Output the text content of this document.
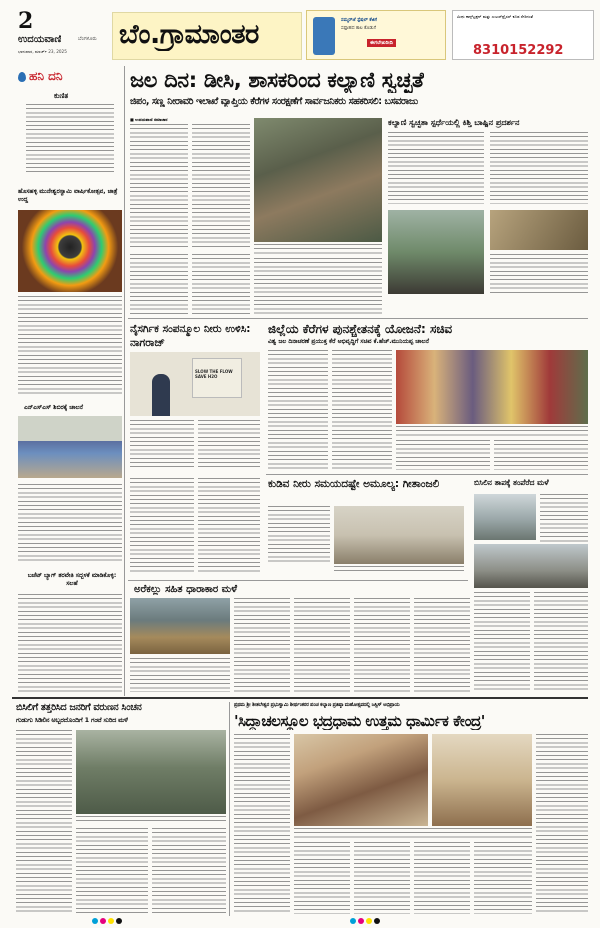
2
ಉದಯವಾಣಿ	ಬೆಂಗಳೂರು
ಭಾನುವಾರ, ಮಾರ್ಚ್ 23, 2025
ಬೆಂ.ಗ್ರಾಮಾಂತರ	ಸಮ್ಮರ್‌ಜೆ ಸ್ಪೆಷಲ್ ಕೆಜಿಗೆ
ಸಪ್ತಾಹದ ಕಾಲ ಕೊಡುಗೆ
ಈಗಲೇಖರೀದಿ
ಮಿಥು ಕಾನ್ಸ್‌ಟ್ರಕ್ಷನ್‌ ಮತ್ತು ಎಂಟರ್‌ಪ್ರೈಸಸ್‌ ಕೂಡ ಸೇರಿದಂತೆ
8310152292
ಹನಿ ದನಿ
ಕುಣಿತ
ಹೊಸಹಳ್ಳಿ ಮುನೇಶ್ವರಸ್ವಾಮಿ ವಾರ್ಷಿಕೋತ್ಸವ, ಜಾತ್ರೆ ಉದ್ದ
ಎನ್‌ಎಸ್‌ಎಸ್ ಶಿಬಿರಕ್ಕೆ ಚಾಲನೆ
ಬಜೆಟ್ ಬ್ಯಾಗ್ ತರವೇತಿ ಸದ್ಬಳಕೆ ಮಾಡಿಕೊಳ್ಳಿ: ಸಲಹೆ
ಜಲ ದಿನ: ಡೀಸಿ, ಶಾಸಕರಿಂದ ಕಲ್ಯಾಣಿ ಸ್ವಚ್ಛತೆ
ಜಿಪಂ, ಸಣ್ಣ ನೀರಾವರಿ ಇಲಾಖೆ ವ್ಯಾಪ್ತಿಯ ಕೆರೆಗಳ ಸಂರಕ್ಷಣೆಗೆ ಸಾರ್ವಜನಿಕರು ಸಹಕರಿಸಲಿ: ಬಸವರಾಜು
■ ಉದಯವಾಣಿ ಸಮಾಚಾರ	ಕಲ್ಯಾಣಿ ಸ್ವಚ್ಛತಾ ಸ್ಪರ್ಧೆಯಲ್ಲಿ ಕಿಶ್ತಿ ಬಾಷ್ಪಿನ ಪ್ರದರ್ಶನ
ನೈಸರ್ಗಿಕ ಸಂಪನ್ಮೂಲ ನೀರು ಉಳಿಸಿ: ನಾಗರಾಜ್
SLOW THE FLOW SAVE H2O
ಜಿಲ್ಲೆಯ ಕೆರೆಗಳ ಪುನಶ್ಚೇತನಕ್ಕೆ ಯೋಜನೆ: ಸಚಿವ
ವಿಶ್ವ ಜಲ ದಿನಾಚರಣೆ ಪ್ರಯುಕ್ತ ಕೆರೆ ಅಭಿವೃದ್ಧಿಗೆ ಸಚಿವ ಕೆ.ಹೆಚ್.ಮುನಿಯಪ್ಪ ಚಾಲನೆ
ಕುಡಿವ ನೀರು ಸಮಯದಷ್ಟೇ ಅಮೂಲ್ಯ: ಗೀತಾಂಜಲಿ	ಬಿಸಿಲಿನ ತಾಪಕ್ಕೆ ತಂಪೆರೆದ ಮಳೆ
ಅರೆಕಲ್ಲು ಸಹಿತ ಧಾರಾಕಾರ ಮಳೆ
ಬಿಸಿಲಿಗೆ ತತ್ತರಿಸಿದ ಜನರಿಗೆ ವರುಣನ ಸಿಂಚನ
ಗುಡುಗು ಸಿಡಿಲಿನ ಅಬ್ಬರದೊಂದಿಗೆ 1 ಗಂಟೆ ಸುರಿದ ಮಳೆ
ಪ್ರಥಮ ಶ್ರೀ ಶೀತಲೇಶ್ವರ ಪ್ರಭುಸ್ವಾಮಿ ಶೀರ್ಥಂಕರರ ಪಂಚ ಕಲ್ಯಾಣ ಪ್ರತಿಷ್ಠಾ ಮಹೋತ್ಸವದಲ್ಲಿ ಜಸ್ಟಿಸ್ ಅಭಿಪ್ರಾಯ
'ಸಿದ್ದಾಚಲಸ್ಥೂಲ ಭದ್ರಧಾಮ ಉತ್ತಮ ಧಾರ್ಮಿಕ ಕೇಂದ್ರ'
